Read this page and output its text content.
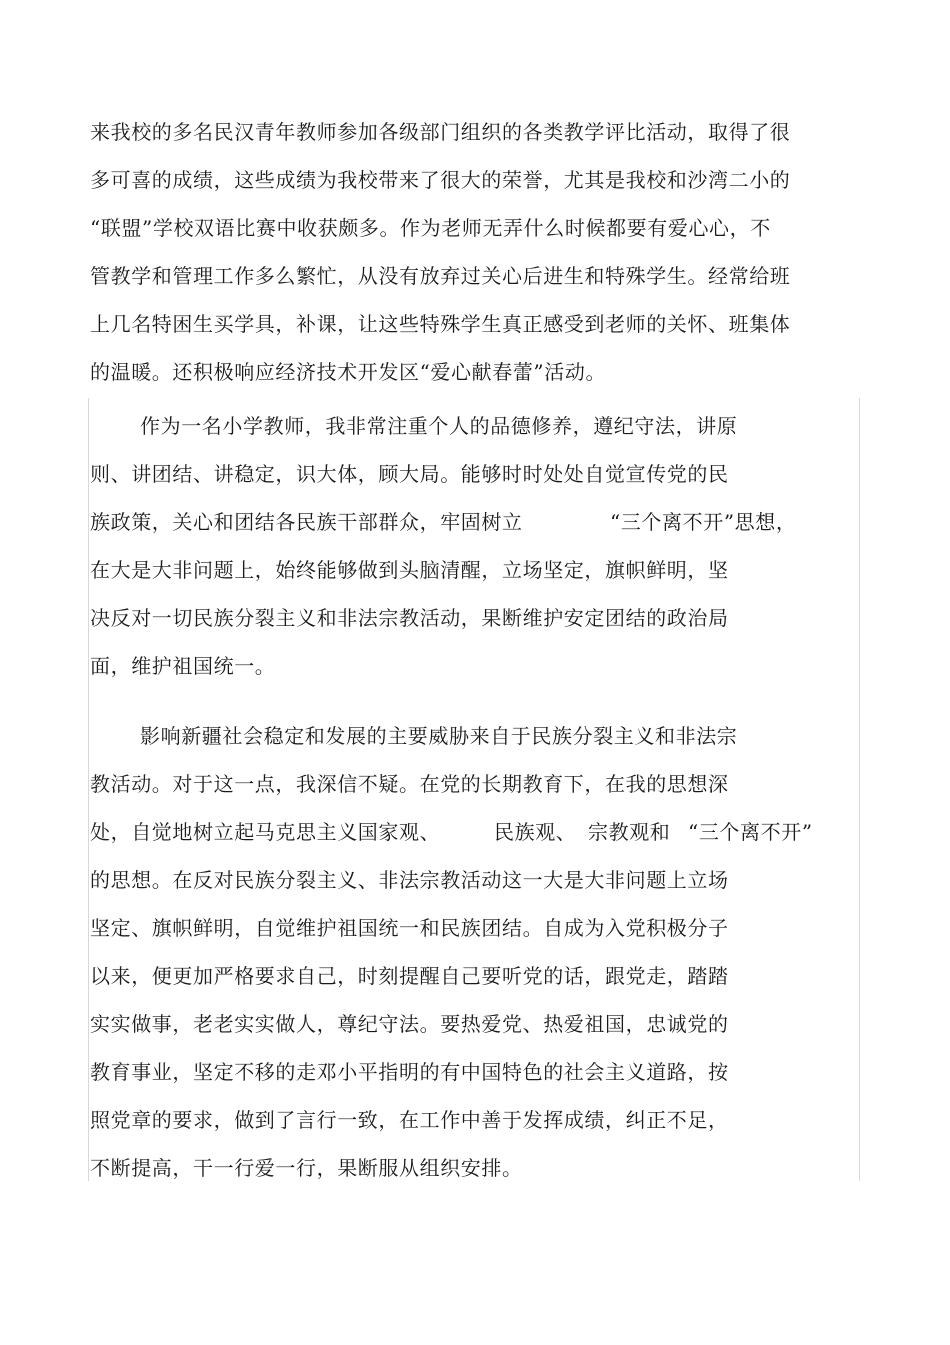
来我校的多名民汉青年教师参加各级部门组织的各类教学评比活动，取得了很
多可喜的成绩，这些成绩为我校带来了很大的荣誉，尤其是我校和沙湾二小的
“联盟”学校双语比赛中收获颇多。作为老师无弄什么时候都要有爱心心，不
管教学和管理工作多么繁忙，从没有放弃过关心后进生和特殊学生。经常给班
上几名特困生买学具，补课，让这些特殊学生真正感受到老师的关怀、班集体
的温暖。还积极响应经济技术开发区“爱心献春蕾”活动。
作为一名小学教师，我非常注重个人的品德修养，遵纪守法，讲原
则、讲团结、讲稳定，识大体，顾大局。能够时时处处自觉宣传党的民
族政策，关心和团结各民族干部群众，牢固树立	“三个离不开”思想，
在大是大非问题上，始终能够做到头脑清醒，立场坚定，旗帜鲜明，坚
决反对一切民族分裂主义和非法宗教活动，果断维护安定团结的政治局
面，维护祖国统一。
影响新疆社会稳定和发展的主要威胁来自于民族分裂主义和非法宗
教活动。对于这一点，我深信不疑。在党的长期教育下，在我的思想深
处，自觉地树立起马克思主义国家观、	民族观、 宗教观和 “三个离不开”
的思想。在反对民族分裂主义、非法宗教活动这一大是大非问题上立场
坚定、旗帜鲜明，自觉维护祖国统一和民族团结。自成为入党积极分子
以来，便更加严格要求自己，时刻提醒自己要听党的话，跟党走，踏踏
实实做事，老老实实做人，尊纪守法。要热爱党、热爱祖国，忠诚党的
教育事业，坚定不移的走邓小平指明的有中国特色的社会主义道路，按
照党章的要求，做到了言行一致，在工作中善于发挥成绩，纠正不足，
不断提高，干一行爱一行，果断服从组织安排。
